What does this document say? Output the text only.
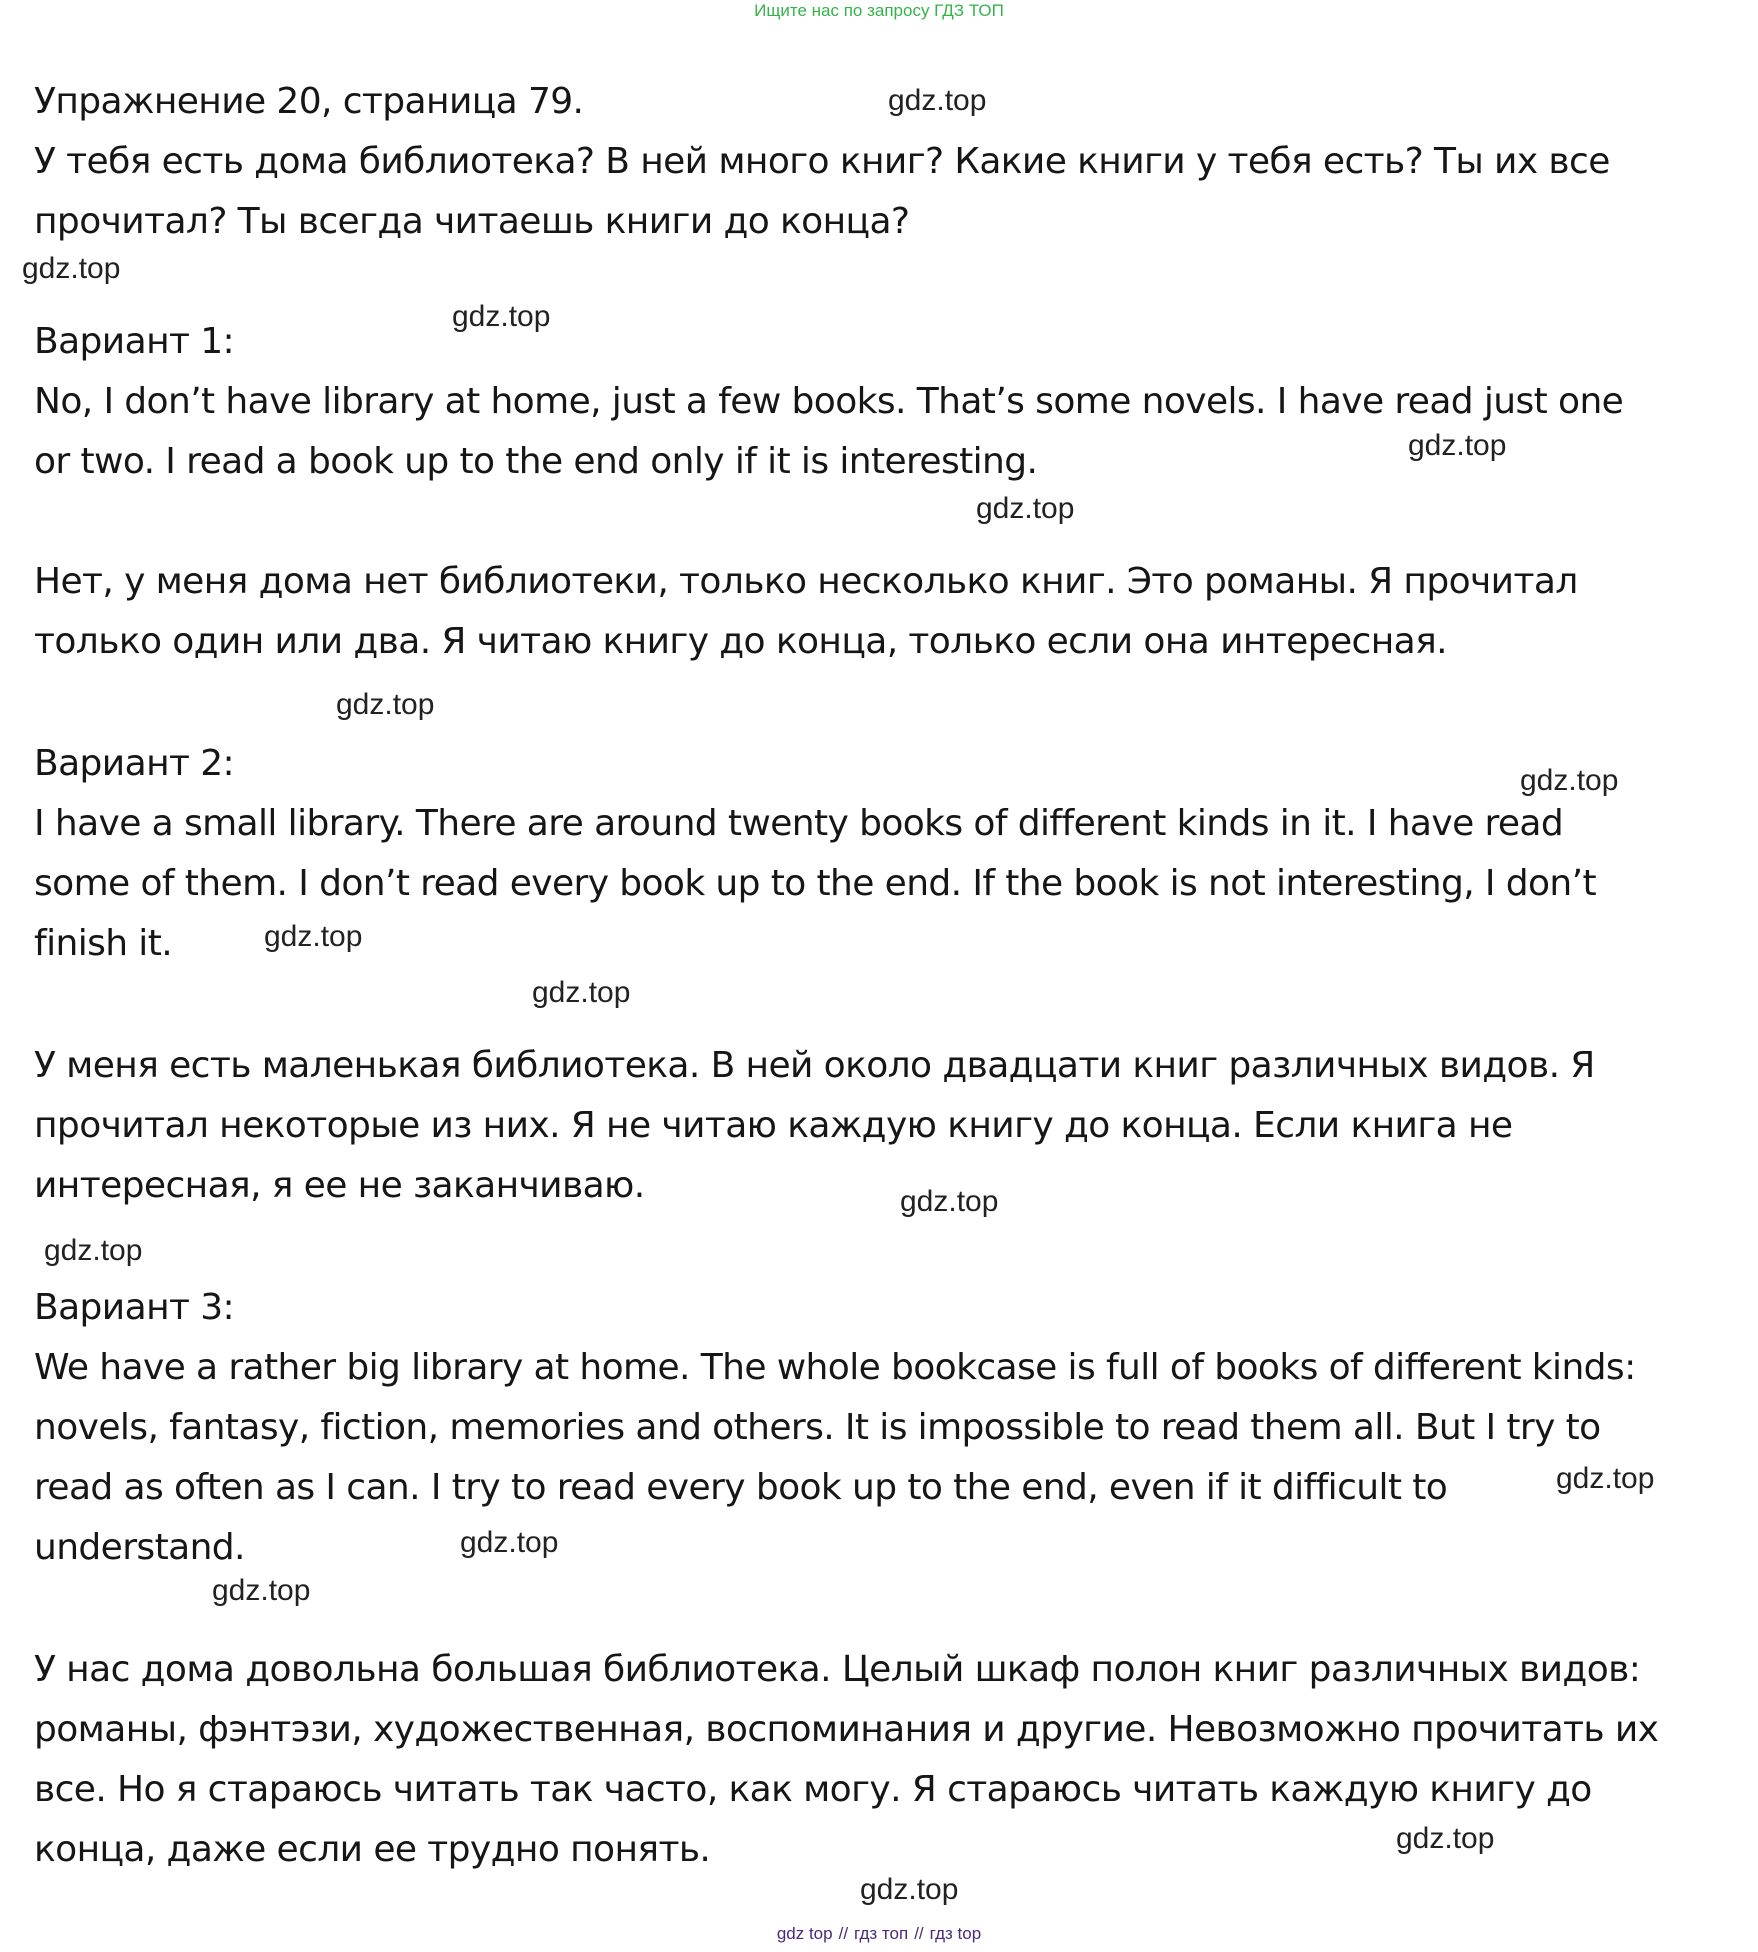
Ищите нас по запросу ГДЗ ТОП

Упражнение 20, страница 79.

У тебя есть дома библиотека? В ней много книг? Какие книги у тебя есть? Ты их все

прочитал? Ты всегда читаешь книги до конца?

Вариант 1:

No, I don’t have library at home, just a few books. That’s some novels. I have read just one

or two. I read a book up to the end only if it is interesting.

Нет, у меня дома нет библиотеки, только несколько книг. Это романы. Я прочитал

только один или два. Я читаю книгу до конца, только если она интересная.

Вариант 2:

I have a small library. There are around twenty books of different kinds in it. I have read

some of them. I don’t read every book up to the end. If the book is not interesting, I don’t

finish it.

У меня есть маленькая библиотека. В ней около двадцати книг различных видов. Я

прочитал некоторые из них. Я не читаю каждую книгу до конца. Если книга не

интересная, я ее не заканчиваю.

Вариант 3:

We have a rather big library at home. The whole bookcase is full of books of different kinds:

novels, fantasy, fiction, memories and others. It is impossible to read them all. But I try to

read as often as I can. I try to read every book up to the end, even if it difficult to

understand.

У нас дома довольна большая библиотека. Целый шкаф полон книг различных видов:

романы, фэнтэзи, художественная, воспоминания и другие. Невозможно прочитать их

все. Но я стараюсь читать так часто, как могу. Я стараюсь читать каждую книгу до

конца, даже если ее трудно понять.

gdz.top
gdz.top
gdz.top
gdz.top
gdz.top
gdz.top
gdz.top
gdz.top
gdz.top
gdz.top
gdz.top
gdz.top
gdz.top
gdz.top
gdz.top
gdz.top
gdz top // гдз топ // гдз top
